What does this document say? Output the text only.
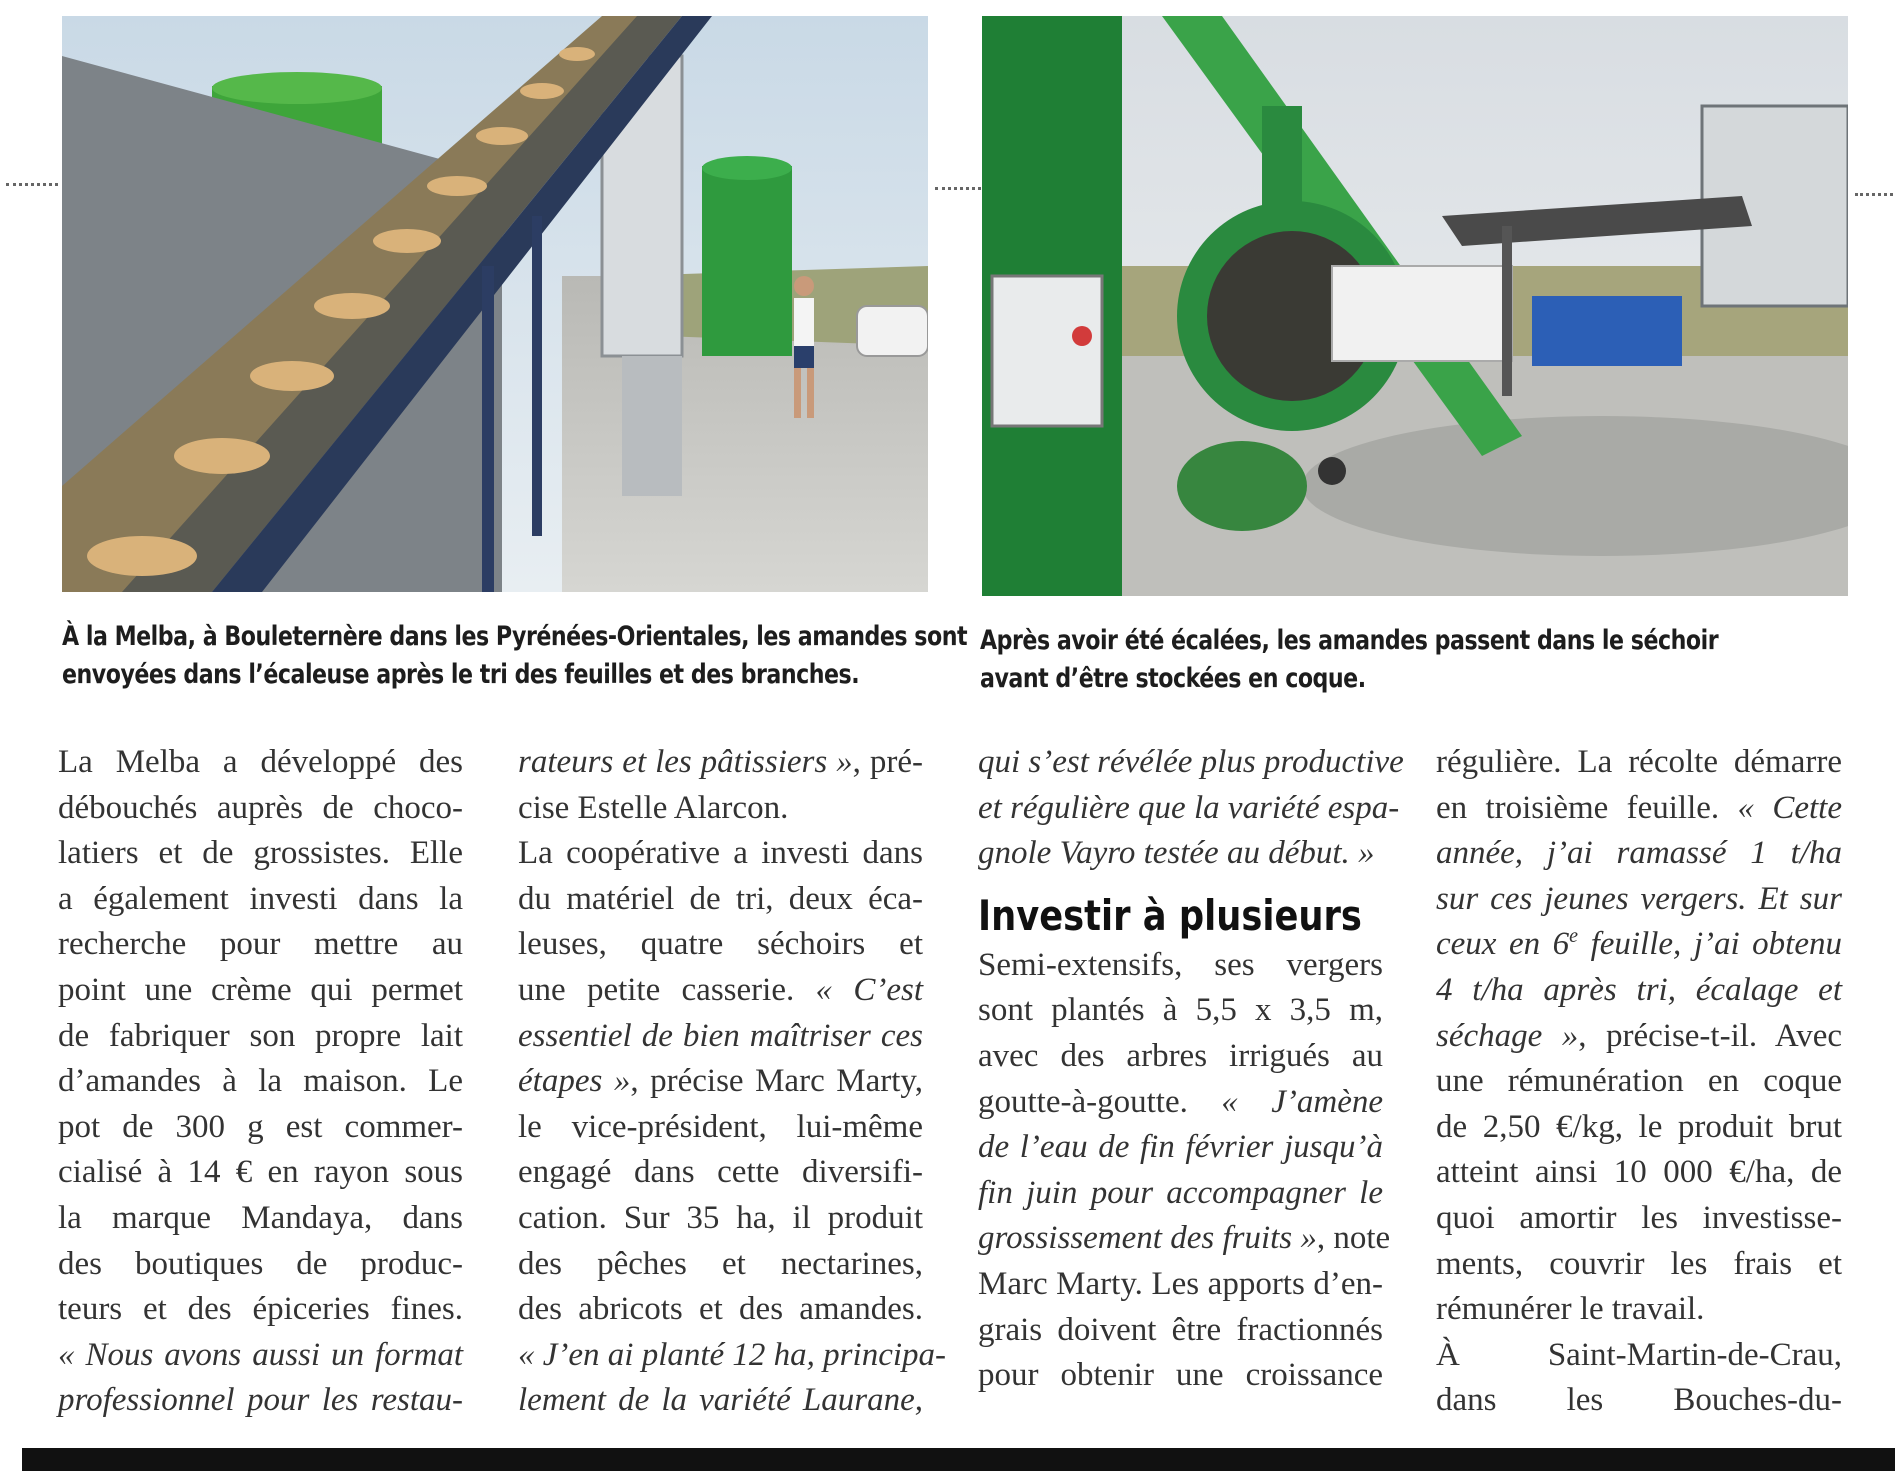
À la Melba, à Bouleternère dans les Pyrénées-Orientales, les amandes sont
envoyées dans l’écaleuse après le tri des feuilles et des branches.
Après avoir été écalées, les amandes passent dans le séchoir
avant d’être stockées en coque.

La Melba a développé des
débouchés auprès de choco-
latiers et de grossistes. Elle
a également investi dans la
recherche pour mettre au
point une crème qui permet
de fabriquer son propre lait
d’amandes à la maison. Le
pot de 300 g est commer-
cialisé à 14 € en rayon sous
la marque Mandaya, dans
des boutiques de produc-
teurs et des épiceries fines.
« Nous avons aussi un format
professionnel pour les restau-

rateurs et les pâtissiers », pré-
cise Estelle Alarcon.
La coopérative a investi dans
du matériel de tri, deux éca-
leuses, quatre séchoirs et
une petite casserie. « C’est
essentiel de bien maîtriser ces
étapes », précise Marc Marty,
le vice-président, lui-même
engagé dans cette diversifi-
cation. Sur 35 ha, il produit
des pêches et nectarines,
des abricots et des amandes.
« J’en ai planté 12 ha, principa-
lement de la variété Laurane,

qui s’est révélée plus productive
et régulière que la variété espa-
gnole Vayro testée au début. »

Investir à plusieurs

Semi-extensifs, ses vergers
sont plantés à 5,5 x 3,5 m,
avec des arbres irrigués au
goutte-à-goutte. « J’amène
de l’eau de fin février jusqu’à
fin juin pour accompagner le
grossissement des fruits », note
Marc Marty. Les apports d’en-
grais doivent être fractionnés
pour obtenir une croissance

régulière. La récolte démarre
en troisième feuille. « Cette
année, j’ai ramassé 1 t/ha
sur ces jeunes vergers. Et sur
ceux en 6e feuille, j’ai obtenu
4 t/ha après tri, écalage et
séchage », précise-t-il. Avec
une rémunération en coque
de 2,50 €/kg, le produit brut
atteint ainsi 10 000 €/ha, de
quoi amortir les investisse-
ments, couvrir les frais et
rémunérer le travail.
À Saint-Martin-de-Crau,
dans les Bouches-du-
